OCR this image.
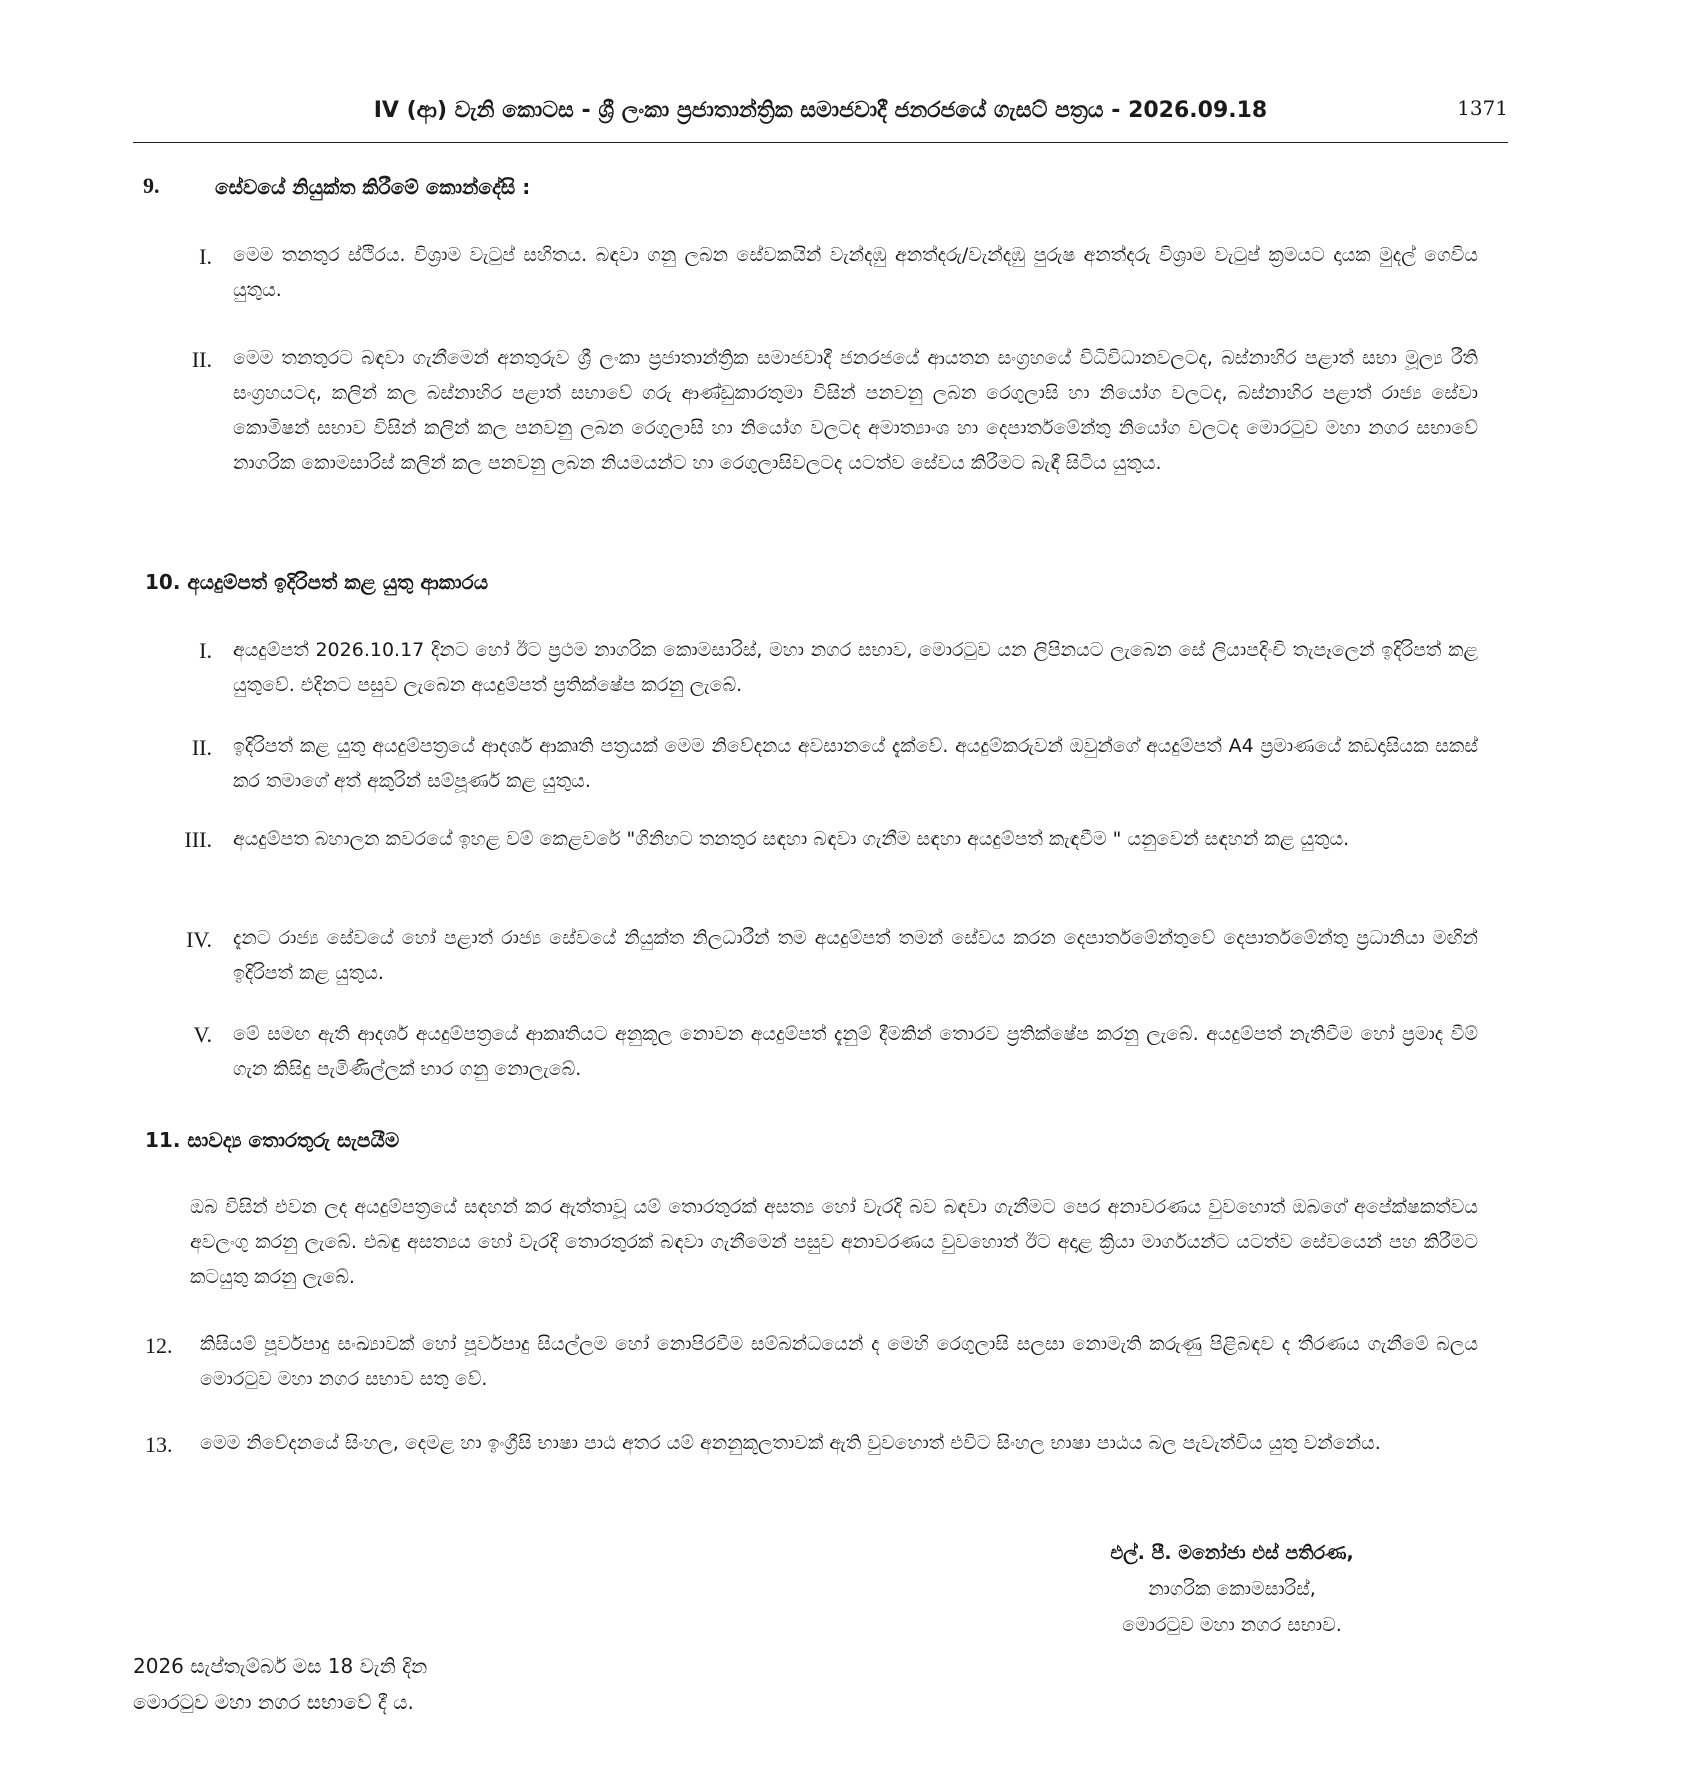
IV (ආ) වැනි කොටස - ශ්‍රී ලංකා ප්‍රජාතාන්ත්‍රික සමාජවාදී ජනරජයේ ගැසට් පත්‍රය - 2026.09.18	1371
9.	සේවයේ නියුක්ත කිරීමේ කොන්දේසි :
I. මෙම තනතුර ස්ථිරය. විශ්‍රාම වැටුප් සහිතය. බඳවා ගනු ලබන සේවකයින් වැන්දඹු අනත්දරු/වැන්දඹු පුරුෂ අනත්දරු විශ්‍රාම වැටුප් ක්‍රමයට දායක මුදල් ගෙවිය යුතුය.
II. මෙම තනතුරට බඳවා ගැනීමෙන් අනතුරුව ශ්‍රී ලංකා ප්‍රජාතාන්ත්‍රික සමාජවාදී ජනරජයේ ආයතන සංග්‍රහයේ විධිවිධානවලටද, බස්නාහිර පළාත් සභා මූල්‍ය රීති සංග්‍රහයටද, කලින් කල බස්නාහිර පළාත් සභාවේ ගරු ආණ්ඩුකාරතුමා විසින් පනවනු ලබන රෙගුලාසි හා නියෝග වලටද, බස්නාහිර පළාත් රාජ්‍ය සේවා කොමිෂන් සභාව විසින් කලින් කල පනවනු ලබන රෙගුලාසි හා නියෝග වලටද අමාත්‍යාංශ හා දෙපාර්තමේන්තු නියෝග වලටද මොරටුව මහා නගර සභාවේ නාගරික කොමසාරිස් කලින් කල පනවනු ලබන නියමයන්ට හා රෙගුලාසිවලටද යටත්ව සේවය කිරීමට බැඳී සිටිය යුතුය.
10. අයදුම්පත් ඉදිරිපත් කළ යුතු ආකාරය
I. අයදුම්පත් 2026.10.17 දිනට හෝ ඊට ප්‍රථම නාගරික කොමසාරිස්, මහා නගර සභාව, මොරටුව යන ලිපිනයට ලැබෙන සේ ලියාපදිංචි තැපෑලෙන් ඉදිරිපත් කළ යුතුවේ. එදිනට පසුව ලැබෙන අයදුම්පත් ප්‍රතික්ෂේප කරනු ලැබේ.
II. ඉදිරිපත් කළ යුතු අයදුම්පත්‍රයේ ආදර්ශ ආකෘති පත්‍රයක් මෙම නිවේදනය අවසානයේ දැක්වේ. අයදුම්කරුවන් ඔවුන්ගේ අයදුම්පත් A4 ප්‍රමාණයේ කඩදාසියක සකස් කර තමාගේ අත් අකුරින් සම්පූර්ණ කළ යුතුය.
III. අයදුම්පත බහාලන කවරයේ ඉහළ වම් කෙළවරේ "ගිනිහට තනතුර සඳහා බඳවා ගැනීම සඳහා අයදුම්පත් කැඳවීම " යනුවෙන් සඳහන් කළ යුතුය.
IV. දැනට රාජ්‍ය සේවයේ හෝ පළාත් රාජ්‍ය සේවයේ නියුක්ත නිලධාරීන් තම අයදුම්පත් තමන් සේවය කරන දෙපාර්තමේන්තුවේ දෙපාර්තමේන්තු ප්‍රධානියා මඟින් ඉදිරිපත් කළ යුතුය.
V. මේ සමඟ ඇති ආදර්ශ අයදුම්පත්‍රයේ ආකෘතියට අනුකූල නොවන අයදුම්පත් දැනුම් දීමකින් තොරව ප්‍රතික්ෂේප කරනු ලැබේ. අයදුම්පත් නැතිවීම හෝ ප්‍රමාද වීම් ගැන කිසිදු පැමිණිල්ලක් භාර ගනු නොලැබේ.
11. සාවද්‍ය තොරතුරු සැපයීම
ඔබ විසින් එවන ලද අයදුම්පත්‍රයේ සඳහන් කර ඇත්තාවූ යම් තොරතුරක් අසත්‍ය හෝ වැරදි බව බඳවා ගැනීමට පෙර අනාවරණය වුවහොත් ඔබගේ අපේක්ෂකත්වය අවලංගු කරනු ලැබේ. එබඳු අසත්‍යය හෝ වැරදි තොරතුරක් බඳවා ගැනීමෙන් පසුව අනාවරණය වුවහොත් ඊට අදාළ ක්‍රියා මාර්ගයන්ට යටත්ව සේවයෙන් පහ කිරීමට කටයුතු කරනු ලැබේ.
12. කිසියම් පූර්වපාදු සංඛ්‍යාවක් හෝ පූර්වපාදු සියල්ලම හෝ නොපිරවීම සම්බන්ධයෙන් ද මෙහි රෙගුලාසි සලසා නොමැති කරුණු පිළිබඳව ද තීරණය ගැනීමේ බලය මොරටුව මහා නගර සභාව සතු වේ.
13. මෙම නිවේදනයේ සිංහල, දෙමළ හා ඉංග්‍රීසි භාෂා පාඨ අතර යම් අනනුකූලතාවක් ඇති වුවහොත් එවිට සිංහල භාෂා පාඨය බල පැවැත්විය යුතු වන්නේය.
එල්. පී. මනෝජා එස් පතිරණ,
නාගරික කොමසාරිස්,
මොරටුව මහා නගර සභාව.
2026 සැප්තැම්බර් මස 18 වැනි දින
මොරටුව මහා නගර සභාවේ දී ය.
